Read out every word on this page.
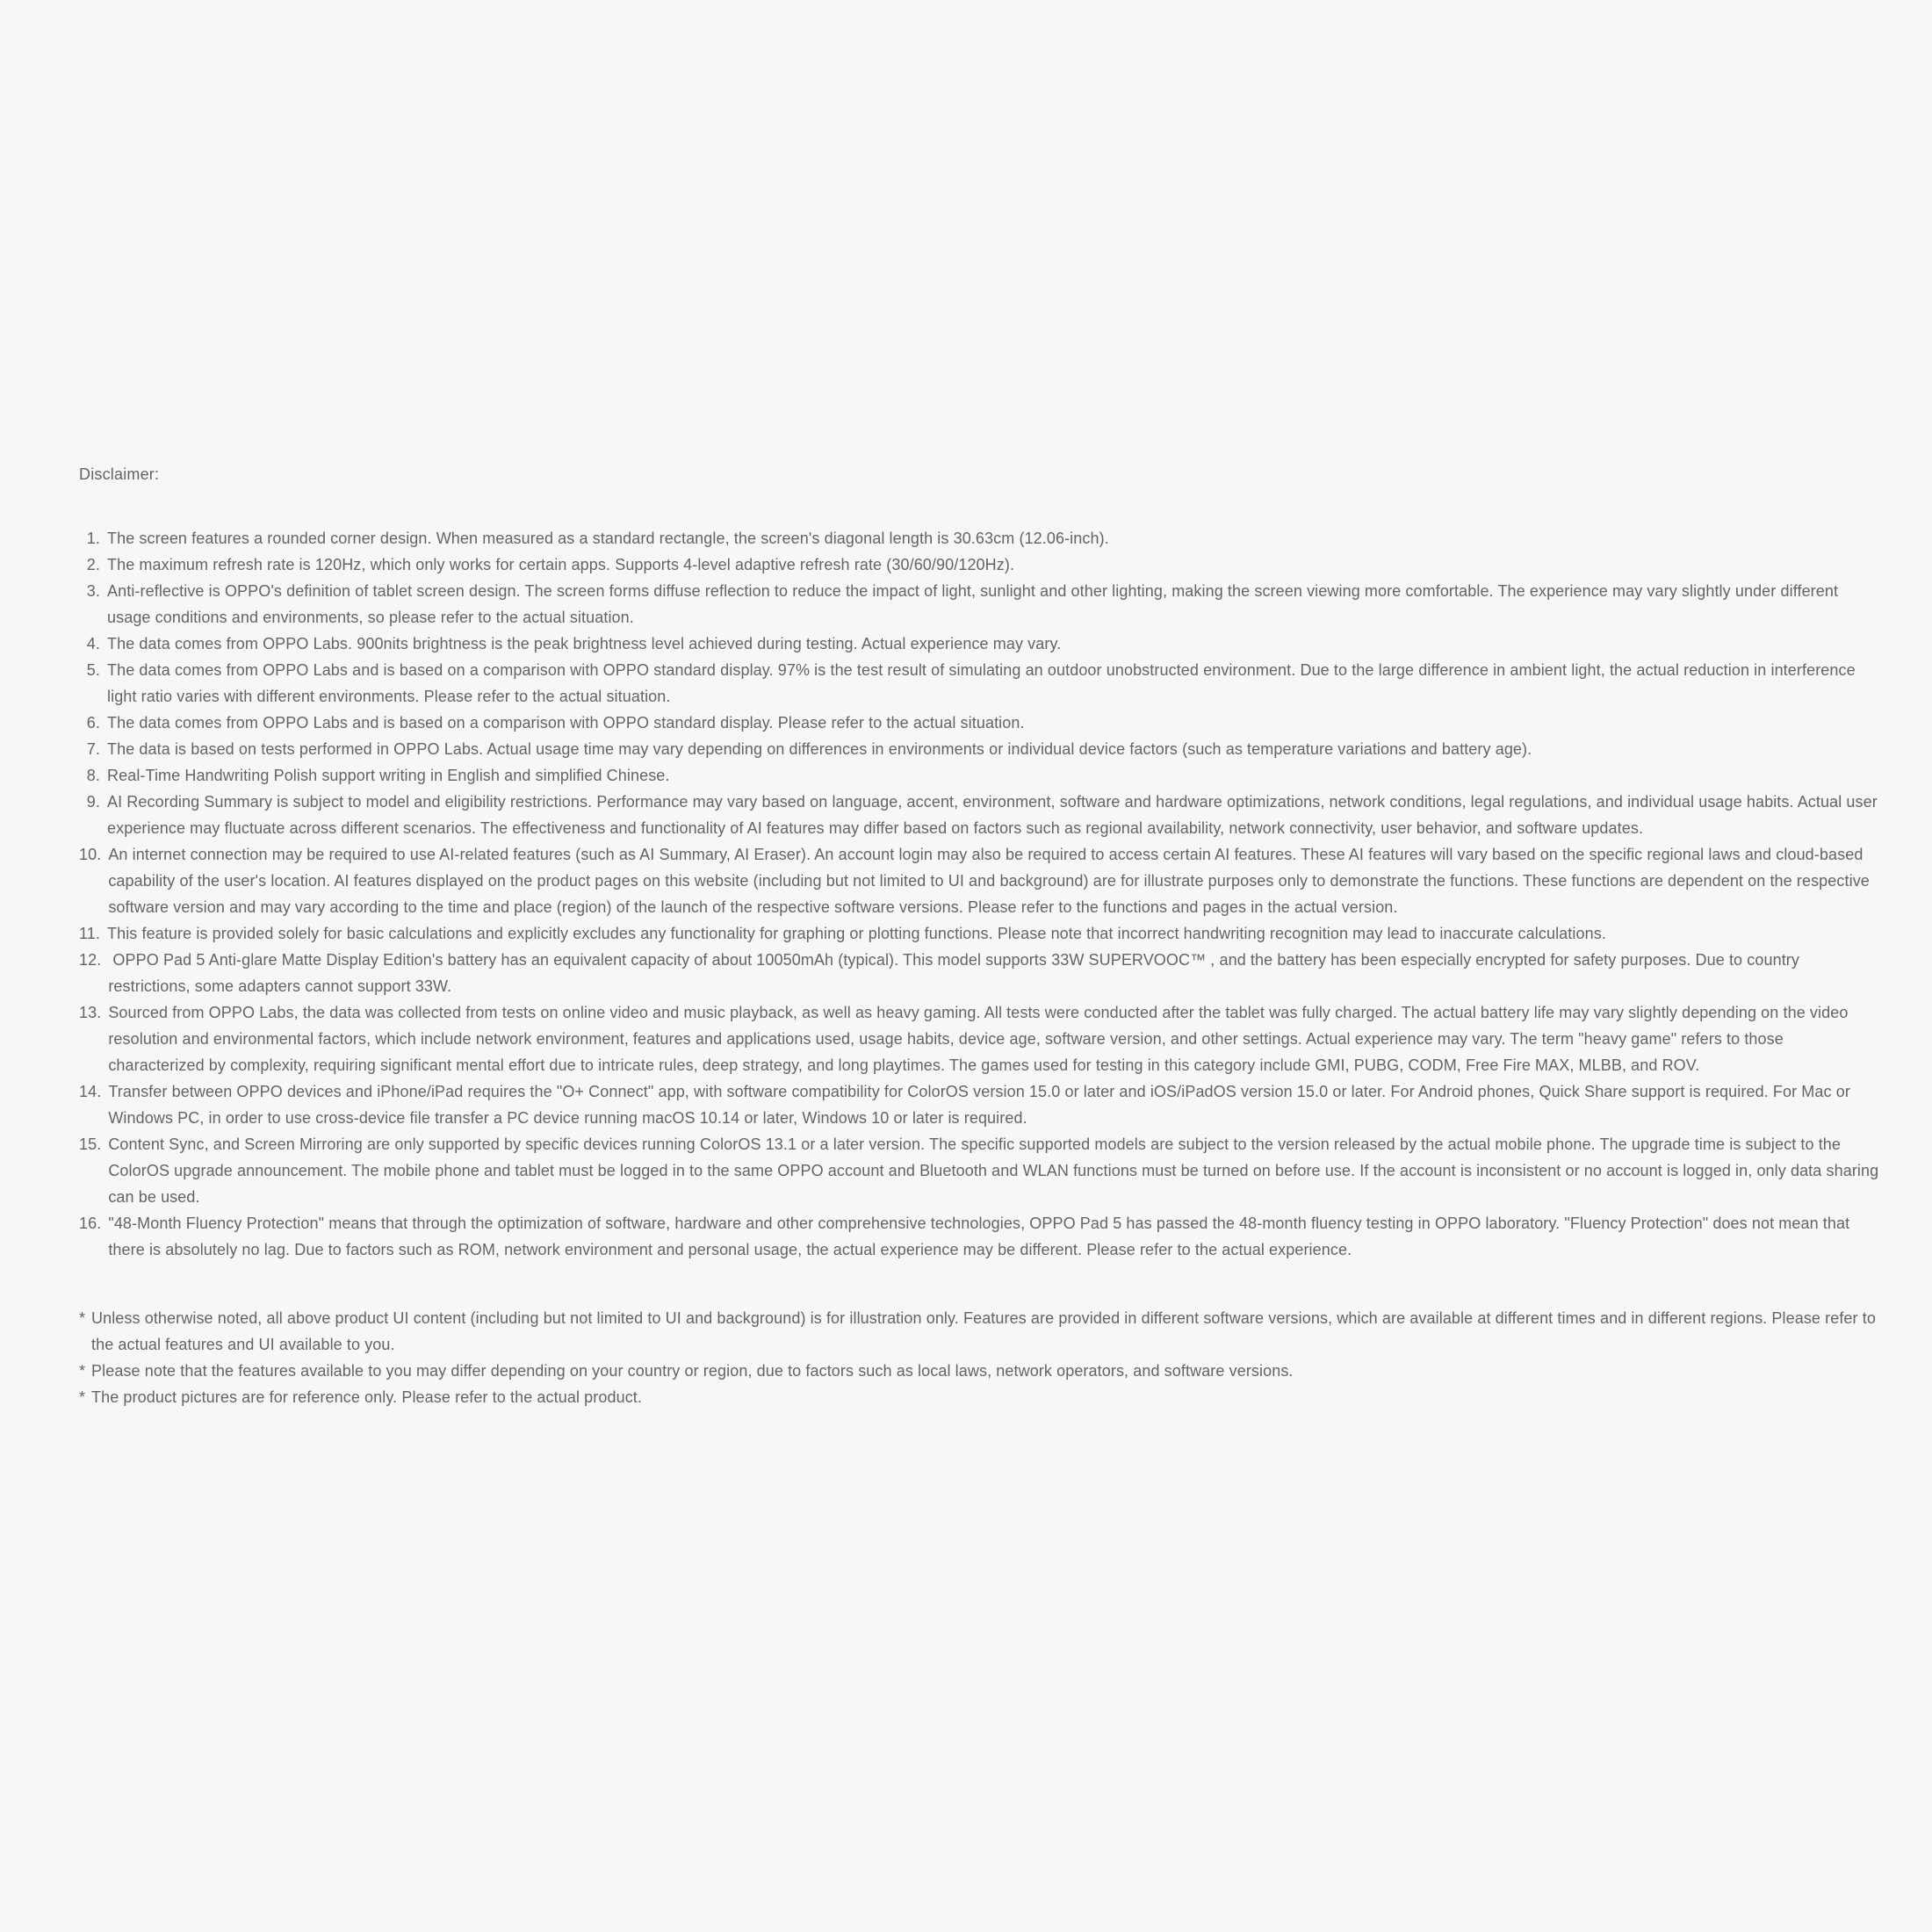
Disclaimer:
1. The screen features a rounded corner design. When measured as a standard rectangle, the screen's diagonal length is 30.63cm (12.06-inch).
2. The maximum refresh rate is 120Hz, which only works for certain apps. Supports 4-level adaptive refresh rate (30/60/90/120Hz).
3. Anti-reflective is OPPO's definition of tablet screen design. The screen forms diffuse reflection to reduce the impact of light, sunlight and other lighting, making the screen viewing more comfortable. The experience may vary slightly under different usage conditions and environments, so please refer to the actual situation.
4. The data comes from OPPO Labs. 900nits brightness is the peak brightness level achieved during testing. Actual experience may vary.
5. The data comes from OPPO Labs and is based on a comparison with OPPO standard display. 97% is the test result of simulating an outdoor unobstructed environment. Due to the large difference in ambient light, the actual reduction in interference light ratio varies with different environments. Please refer to the actual situation.
6. The data comes from OPPO Labs and is based on a comparison with OPPO standard display. Please refer to the actual situation.
7. The data is based on tests performed in OPPO Labs. Actual usage time may vary depending on differences in environments or individual device factors (such as temperature variations and battery age).
8. Real-Time Handwriting Polish support writing in English and simplified Chinese.
9. AI Recording Summary is subject to model and eligibility restrictions. Performance may vary based on language, accent, environment, software and hardware optimizations, network conditions, legal regulations, and individual usage habits. Actual user experience may fluctuate across different scenarios. The effectiveness and functionality of AI features may differ based on factors such as regional availability, network connectivity, user behavior, and software updates.
10. An internet connection may be required to use AI-related features (such as AI Summary, AI Eraser). An account login may also be required to access certain AI features. These AI features will vary based on the specific regional laws and cloud-based capability of the user's location. AI features displayed on the product pages on this website (including but not limited to UI and background) are for illustrate purposes only to demonstrate the functions. These functions are dependent on the respective software version and may vary according to the time and place (region) of the launch of the respective software versions. Please refer to the functions and pages in the actual version.
11. This feature is provided solely for basic calculations and explicitly excludes any functionality for graphing or plotting functions. Please note that incorrect handwriting recognition may lead to inaccurate calculations.
12. OPPO Pad 5 Anti-glare Matte Display Edition's battery has an equivalent capacity of about 10050mAh (typical). This model supports 33W SUPERVOOC™ , and the battery has been especially encrypted for safety purposes. Due to country restrictions, some adapters cannot support 33W.
13. Sourced from OPPO Labs, the data was collected from tests on online video and music playback, as well as heavy gaming. All tests were conducted after the tablet was fully charged. The actual battery life may vary slightly depending on the video resolution and environmental factors, which include network environment, features and applications used, usage habits, device age, software version, and other settings. Actual experience may vary. The term "heavy game" refers to those characterized by complexity, requiring significant mental effort due to intricate rules, deep strategy, and long playtimes. The games used for testing in this category include GMI, PUBG, CODM, Free Fire MAX, MLBB, and ROV.
14. Transfer between OPPO devices and iPhone/iPad requires the "O+ Connect" app, with software compatibility for ColorOS version 15.0 or later and iOS/iPadOS version 15.0 or later. For Android phones, Quick Share support is required. For Mac or Windows PC, in order to use cross-device file transfer a PC device running macOS 10.14 or later, Windows 10 or later is required.
15. Content Sync, and Screen Mirroring are only supported by specific devices running ColorOS 13.1 or a later version. The specific supported models are subject to the version released by the actual mobile phone. The upgrade time is subject to the ColorOS upgrade announcement. The mobile phone and tablet must be logged in to the same OPPO account and Bluetooth and WLAN functions must be turned on before use. If the account is inconsistent or no account is logged in, only data sharing can be used.
16. "48-Month Fluency Protection" means that through the optimization of software, hardware and other comprehensive technologies, OPPO Pad 5 has passed the 48-month fluency testing in OPPO laboratory. "Fluency Protection" does not mean that there is absolutely no lag. Due to factors such as ROM, network environment and personal usage, the actual experience may be different. Please refer to the actual experience.
* Unless otherwise noted, all above product UI content (including but not limited to UI and background) is for illustration only. Features are provided in different software versions, which are available at different times and in different regions. Please refer to the actual features and UI available to you.
* Please note that the features available to you may differ depending on your country or region, due to factors such as local laws, network operators, and software versions.
* The product pictures are for reference only. Please refer to the actual product.
